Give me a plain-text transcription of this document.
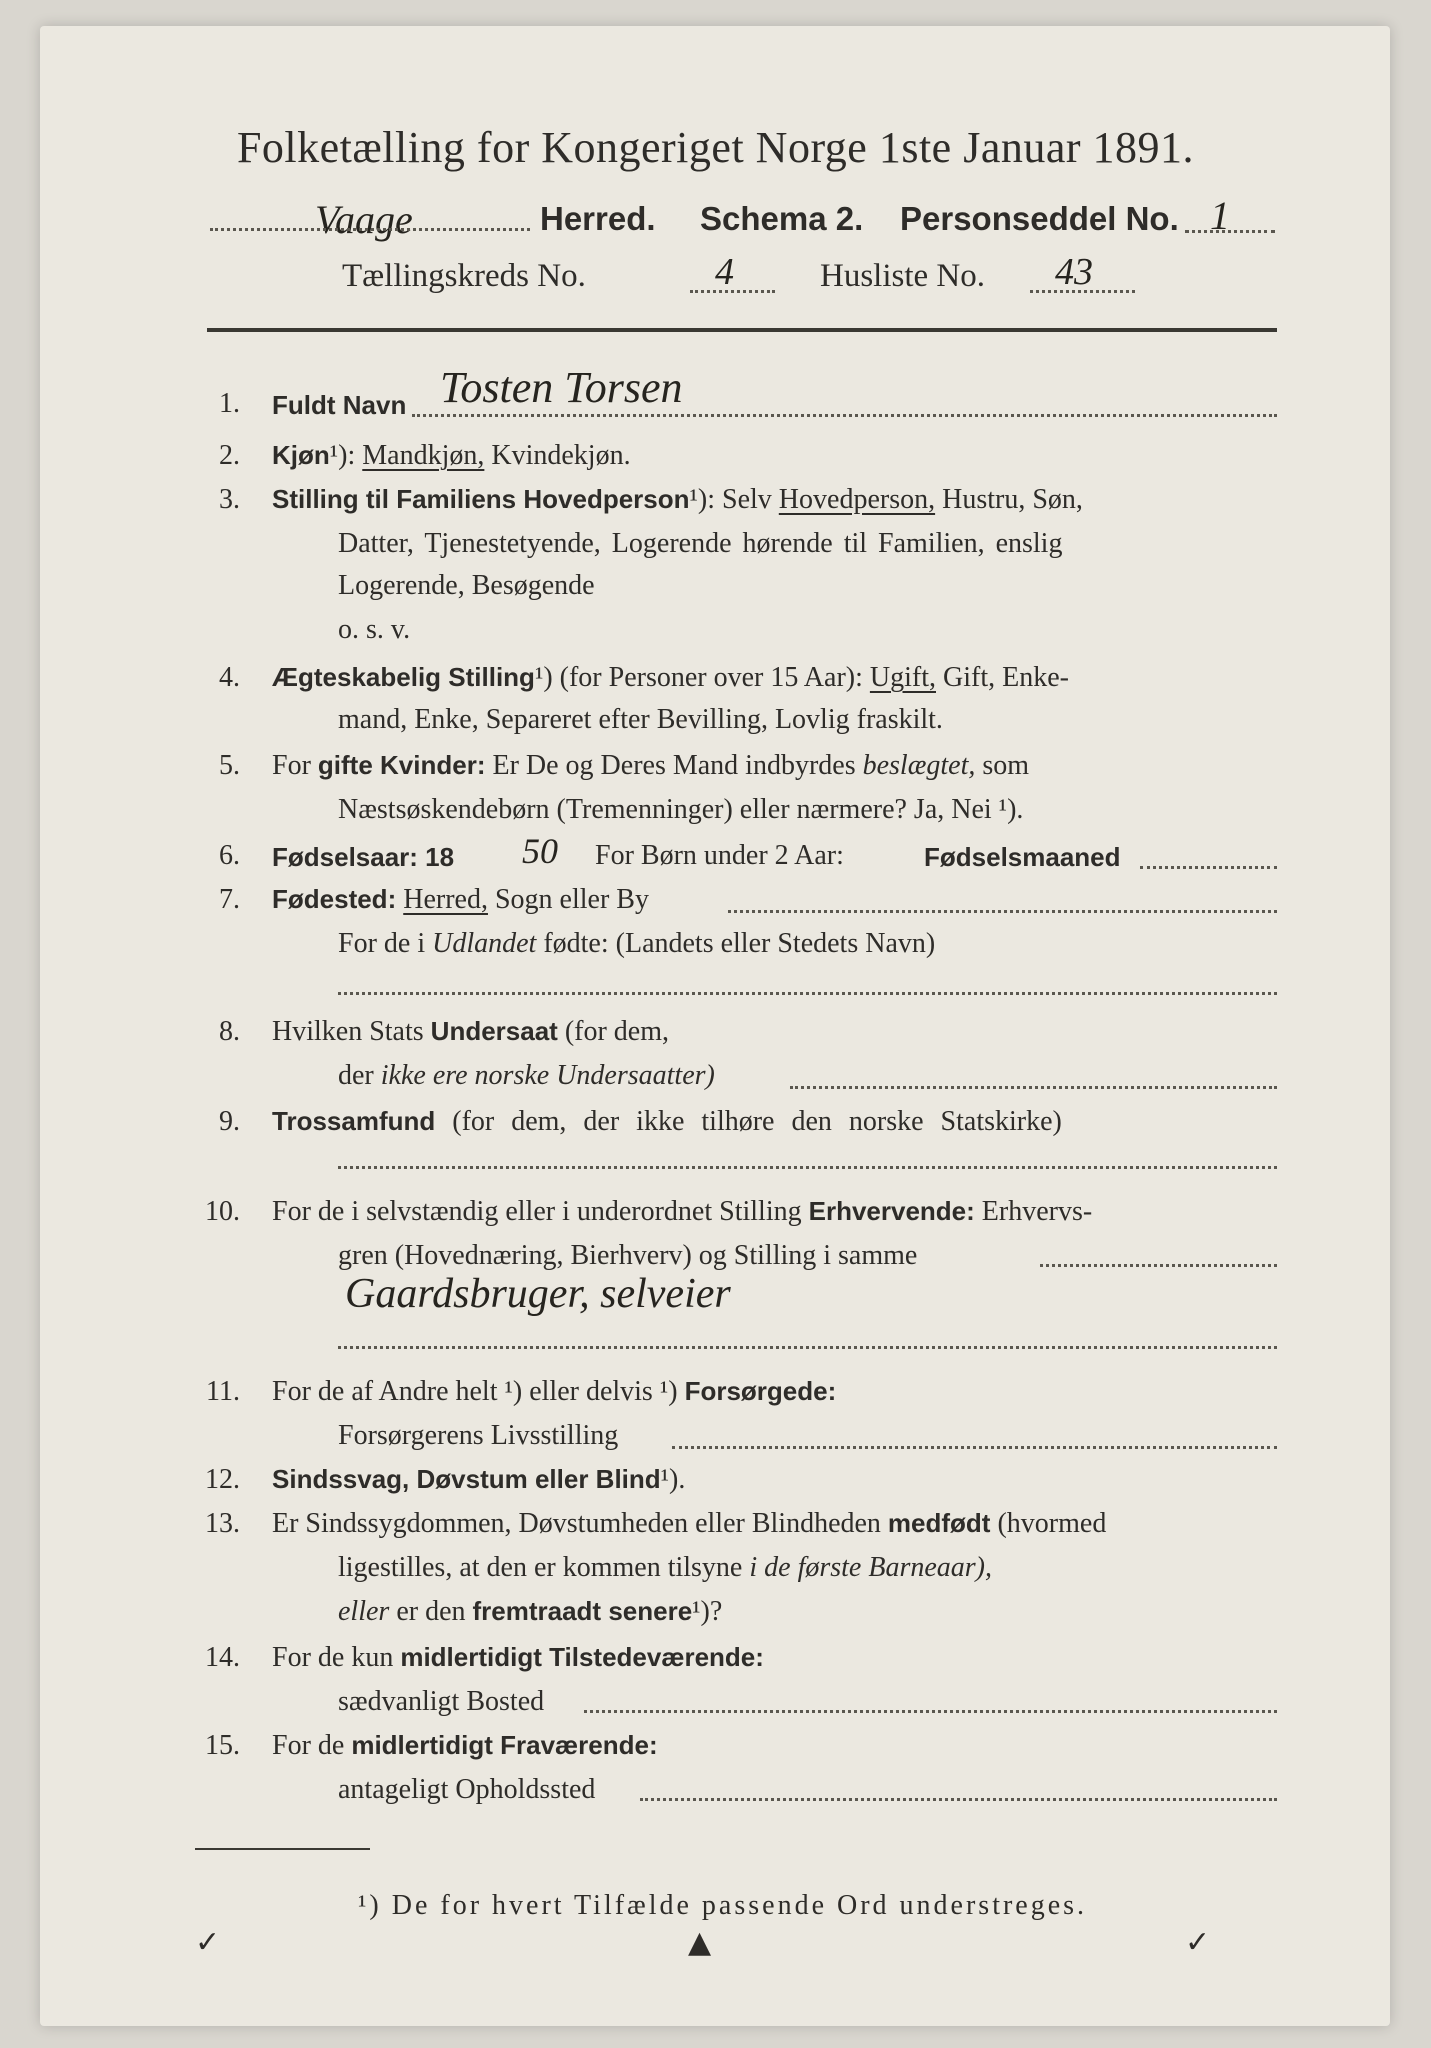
Folketælling for Kongeriget Norge 1ste Januar 1891.
Vaage	Herred. Schema 2. Personseddel No. 1
Tællingskreds No.	4	Husliste No. 43
1. Fuldt Navn Tosten Torsen
2. Kjøn¹): Mandkjøn, Kvindekjøn.
3. Stilling til Familiens Hovedperson¹): Selv Hovedperson, Hustru, Søn,
Datter, Tjenestetyende, Logerende hørende til Familien, enslig
Logerende, Besøgende
o. s. v.
4. Ægteskabelig Stilling¹) (for Personer over 15 Aar): Ugift, Gift, Enke-
mand, Enke, Separeret efter Bevilling, Lovlig fraskilt.
5. For gifte Kvinder: Er De og Deres Mand indbyrdes beslægtet, som
Næstsøskendebørn (Tremenninger) eller nærmere? Ja, Nei ¹).
6. Fødselsaar: 18 50 For Børn under 2 Aar:	Fødselsmaaned
7. Fødested: Herred, Sogn eller By
For de i Udlandet fødte: (Landets eller Stedets Navn)
8. Hvilken Stats Undersaat (for dem,
der ikke ere norske Undersaatter)
9. Trossamfund (for dem, der ikke tilhøre den norske Statskirke)
10. For de i selvstændig eller i underordnet Stilling Erhvervende: Erhvervs-
gren (Hovednæring, Bierhverv) og Stilling i samme
Gaardsbruger, selveier
11. For de af Andre helt ¹) eller delvis ¹) Forsørgede:
Forsørgerens Livsstilling
12. Sindssvag, Døvstum eller Blind¹).
13. Er Sindssygdommen, Døvstumheden eller Blindheden medfødt (hvormed
ligestilles, at den er kommen tilsyne i de første Barneaar),
eller er den fremtraadt senere¹)?
14. For de kun midlertidigt Tilstedeværende:
sædvanligt Bosted
15. For de midlertidigt Fraværende:
antageligt Opholdssted
¹) De for hvert Tilfælde passende Ord understreges.
✓	▲	✓
